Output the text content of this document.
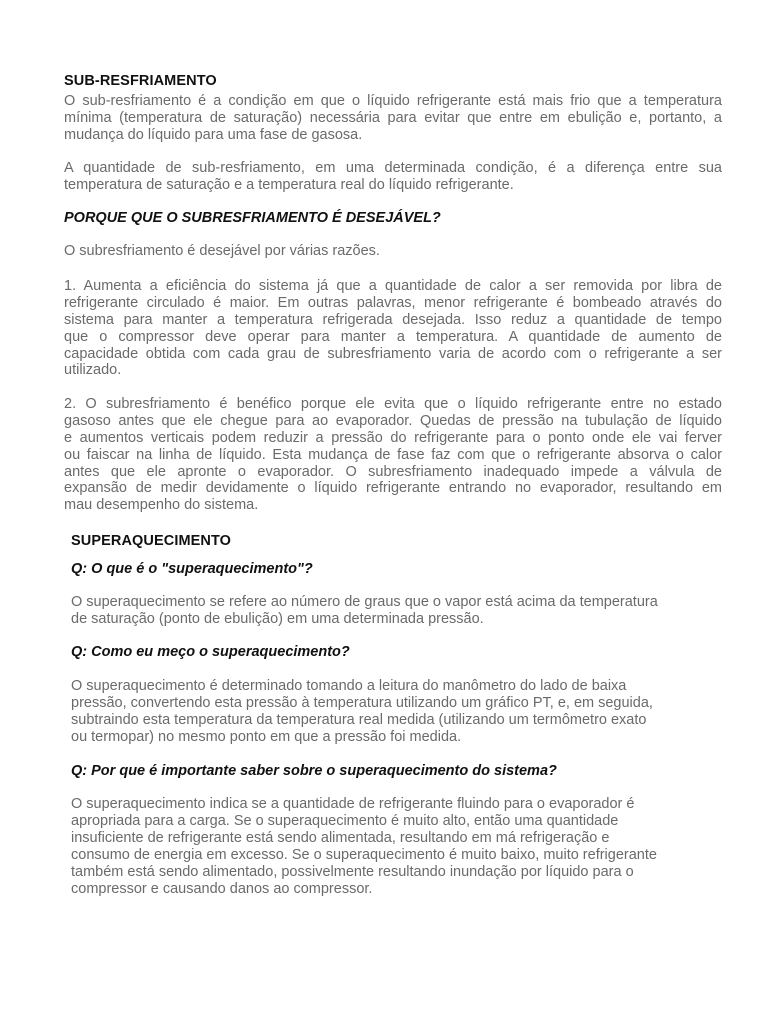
SUB-RESFRIAMENTO
O sub-resfriamento é a condição em que o líquido refrigerante está mais frio que a temperatura
mínima (temperatura de saturação) necessária para evitar que entre em ebulição e, portanto, a
mudança do líquido para uma fase de gasosa.
A quantidade de sub-resfriamento, em uma determinada condição, é a diferença entre sua
temperatura de saturação e a temperatura real do líquido refrigerante.
PORQUE QUE O SUBRESFRIAMENTO É DESEJÁVEL?
O subresfriamento é desejável por várias razões.
1. Aumenta a eficiência do sistema já que a quantidade de calor a ser removida por libra de
refrigerante circulado é maior. Em outras palavras, menor refrigerante é bombeado através do
sistema para manter a temperatura refrigerada desejada. Isso reduz a quantidade de tempo
que o compressor deve operar para manter a temperatura. A quantidade de aumento de
capacidade obtida com cada grau de subresfriamento varia de acordo com o refrigerante a ser
utilizado.
2. O subresfriamento é benéfico porque ele evita que o líquido refrigerante entre no estado
gasoso antes que ele chegue para ao evaporador. Quedas de pressão na tubulação de líquido
e aumentos verticais podem reduzir a pressão do refrigerante para o ponto onde ele vai ferver
ou faiscar na linha de líquido. Esta mudança de fase faz com que o refrigerante absorva o calor
antes que ele apronte o evaporador. O subresfriamento inadequado impede a válvula de
expansão de medir devidamente o líquido refrigerante entrando no evaporador, resultando em
mau desempenho do sistema.
SUPERAQUECIMENTO
Q: O que é o "superaquecimento"?
O superaquecimento se refere ao número de graus que o vapor está acima da temperatura
de saturação (ponto de ebulição) em uma determinada pressão.
Q: Como eu meço o superaquecimento?
O superaquecimento é determinado tomando a leitura do manômetro do lado de baixa
pressão, convertendo esta pressão à temperatura utilizando um gráfico PT, e, em seguida,
subtraindo esta temperatura da temperatura real medida (utilizando um termômetro exato
ou termopar) no mesmo ponto em que a pressão foi medida.
Q: Por que é importante saber sobre o superaquecimento do sistema?
O superaquecimento indica se a quantidade de refrigerante fluindo para o evaporador é
apropriada para a carga. Se o superaquecimento é muito alto, então uma quantidade
insuficiente de refrigerante está sendo alimentada, resultando em má refrigeração e
consumo de energia em excesso. Se o superaquecimento é muito baixo, muito refrigerante
também está sendo alimentado, possivelmente resultando inundação por líquido para o
compressor e causando danos ao compressor.
